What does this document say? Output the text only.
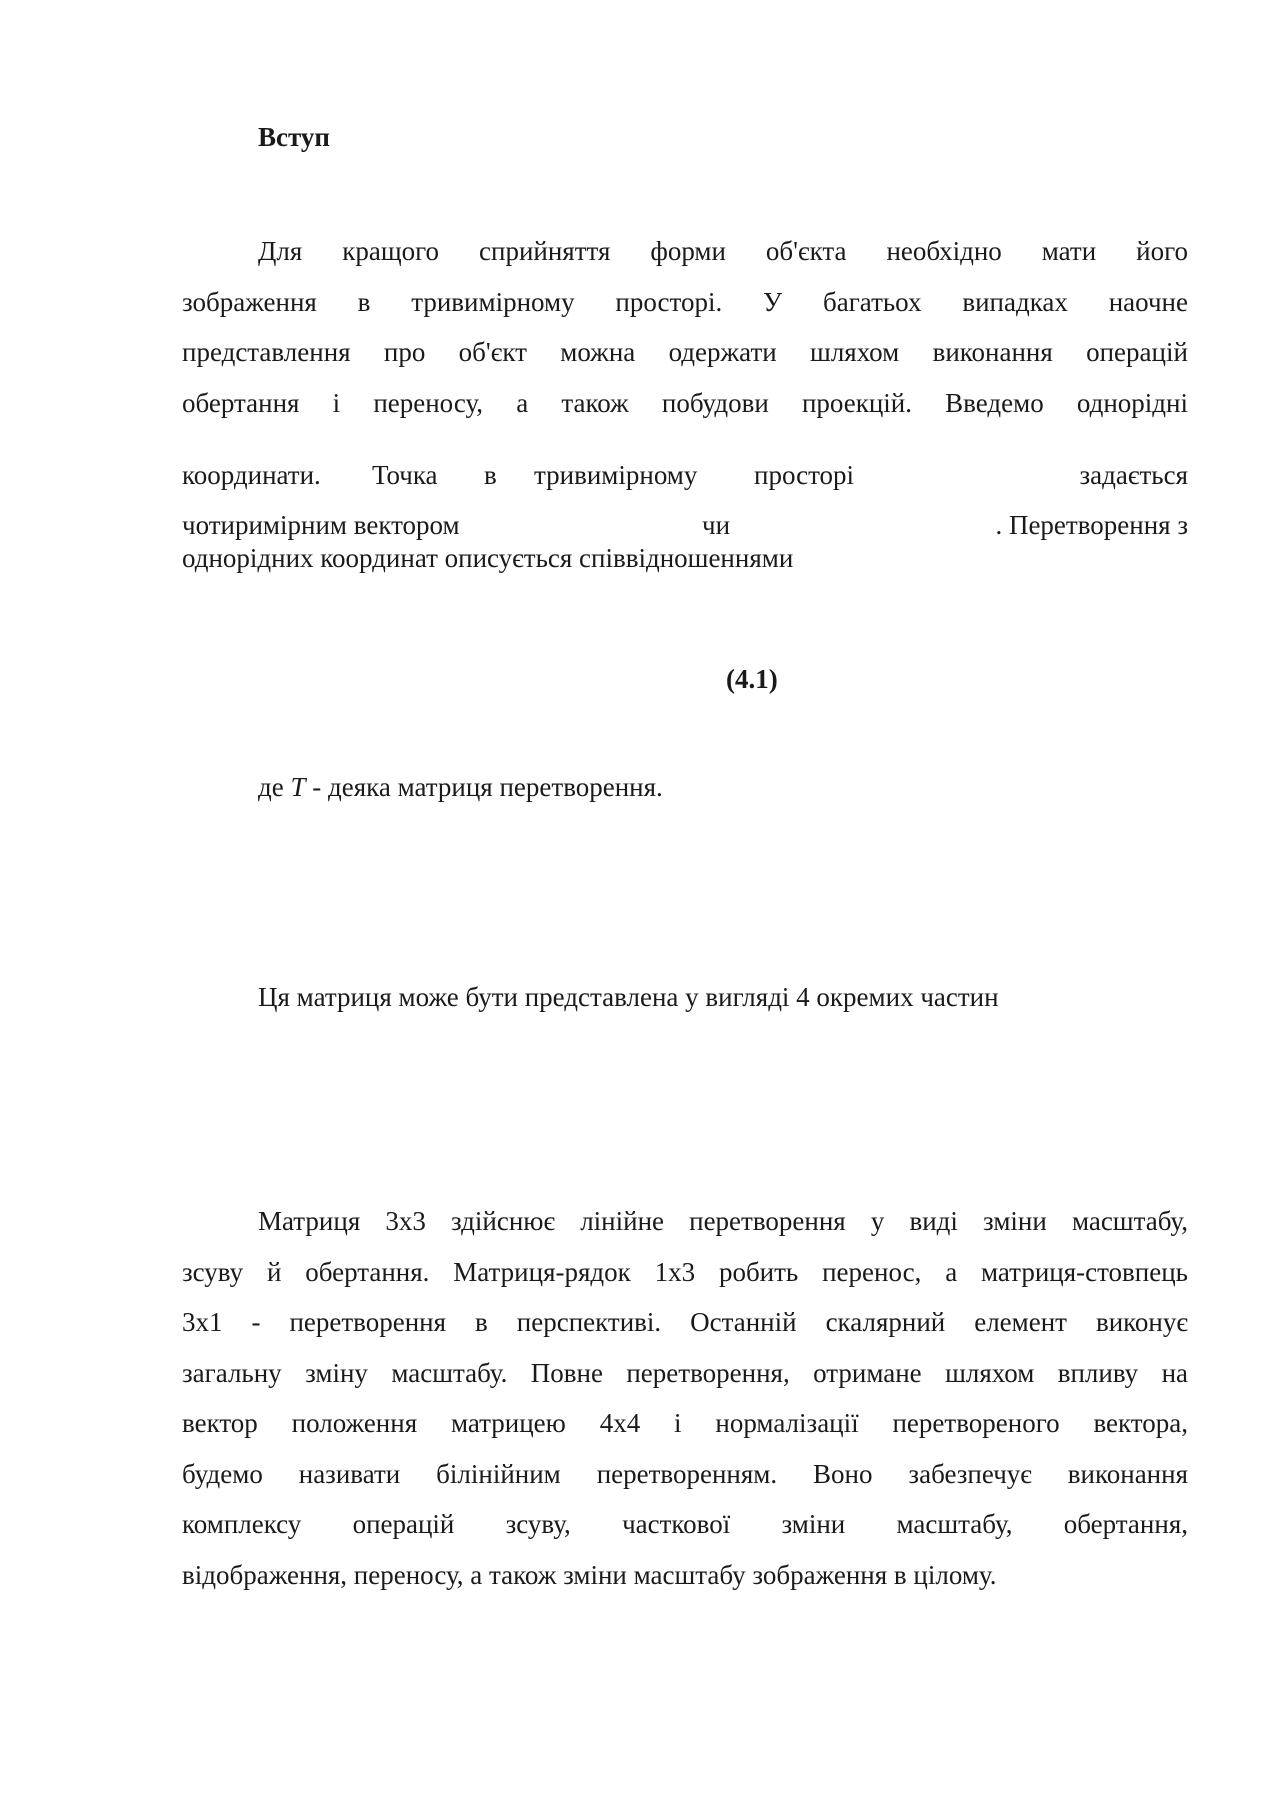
Вступ
Для кращого сприйняття форми об'єкта необхідно мати його
зображення в тривимірному просторі. У багатьох випадках наочне
представлення про об'єкт можна одержати шляхом виконання операцій
обертання і переносу, а також побудови проекцій. Введемо однорідні
координати. Точка в тривимірному просторі	задається
чотиримірним вектором	чи	. Перетворення з
однорідних координат описується співвідношеннями
(4.1)
де T - деяка матриця перетворення.
Ця матриця може бути представлена у вигляді 4 окремих частин
Матриця 3х3 здійснює лінійне перетворення у виді зміни масштабу,
зсуву й обертання. Матриця-рядок 1х3 робить перенос, а матриця-стовпець
3х1 - перетворення в перспективі. Останній скалярний елемент виконує
загальну зміну масштабу. Повне перетворення, отримане шляхом впливу на
вектор положення матрицею 4х4 і нормалізації перетвореного вектора,
будемо називати білінійним перетворенням. Воно забезпечує виконання
комплексу операцій зсуву, часткової зміни масштабу, обертання,
відображення, переносу, а також зміни масштабу зображення в цілому.
